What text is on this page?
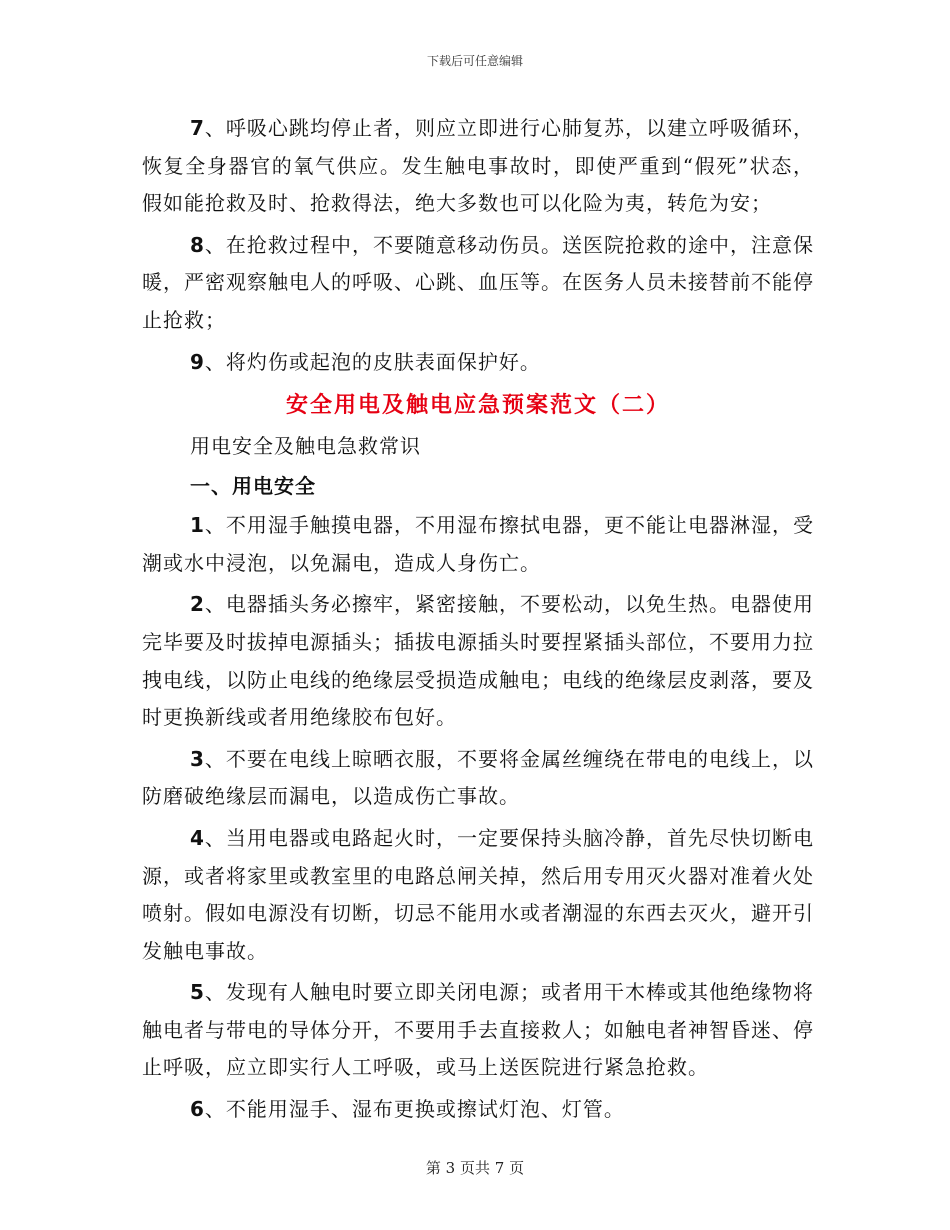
下载后可任意编辑

7、呼吸心跳均停止者，则应立即进行心肺复苏，以建立呼吸循环，恢复全身器官的氧气供应。发生触电事故时，即使严重到“假死”状态，假如能抢救及时、抢救得法，绝大多数也可以化险为夷，转危为安；

8、在抢救过程中，不要随意移动伤员。送医院抢救的途中，注意保暖，严密观察触电人的呼吸、心跳、血压等。在医务人员未接替前不能停止抢救；

9、将灼伤或起泡的皮肤表面保护好。

安全用电及触电应急预案范文（二）
用电安全及触电急救常识
一、用电安全

1、不用湿手触摸电器，不用湿布擦拭电器，更不能让电器淋湿，受潮或水中浸泡，以免漏电，造成人身伤亡。

2、电器插头务必擦牢，紧密接触，不要松动，以免生热。电器使用完毕要及时拔掉电源插头；插拔电源插头时要捏紧插头部位，不要用力拉拽电线，以防止电线的绝缘层受损造成触电；电线的绝缘层皮剥落，要及时更换新线或者用绝缘胶布包好。

3、不要在电线上晾晒衣服，不要将金属丝缠绕在带电的电线上，以防磨破绝缘层而漏电，以造成伤亡事故。

4、当用电器或电路起火时，一定要保持头脑冷静，首先尽快切断电源，或者将家里或教室里的电路总闸关掉，然后用专用灭火器对准着火处喷射。假如电源没有切断，切忌不能用水或者潮湿的东西去灭火，避开引发触电事故。

5、发现有人触电时要立即关闭电源；或者用干木棒或其他绝缘物将触电者与带电的导体分开，不要用手去直接救人；如触电者神智昏迷、停止呼吸，应立即实行人工呼吸，或马上送医院进行紧急抢救。

6、不能用湿手、湿布更换或擦试灯泡、灯管。

第 3 页共 7 页
